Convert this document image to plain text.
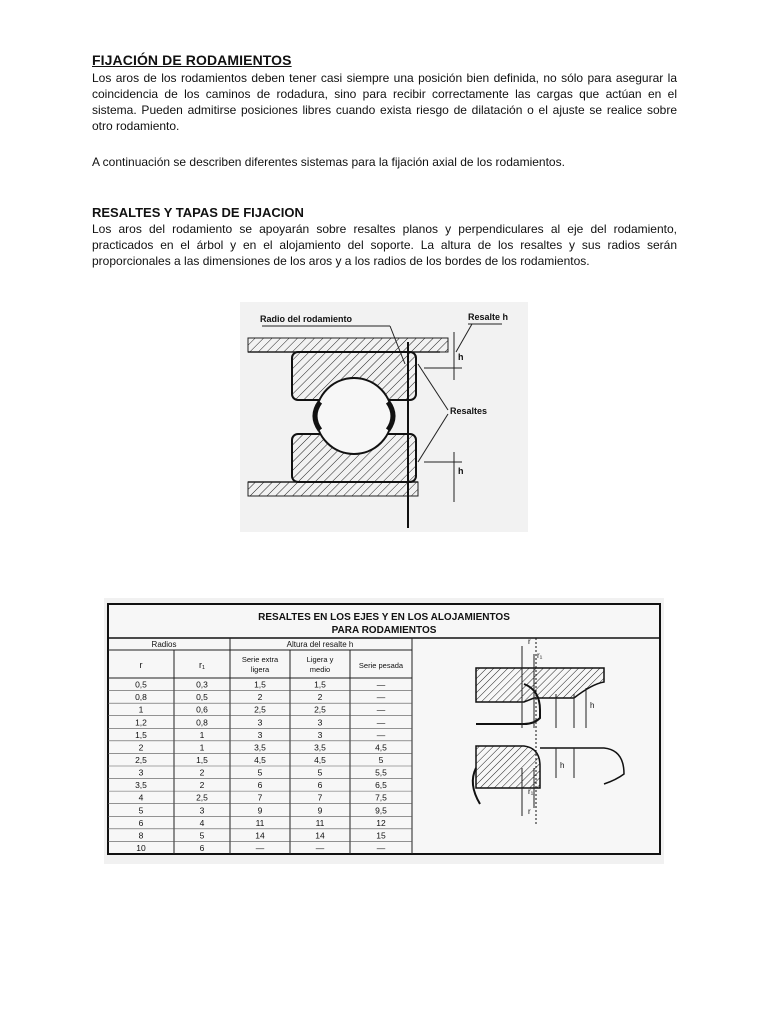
FIJACIÓN DE RODAMIENTOS
Los aros de los rodamientos deben tener casi siempre una posición bien definida, no sólo para asegurar la coincidencia de los caminos de rodadura, sino para recibir correctamente las cargas que actúan en el sistema. Pueden admitirse posiciones libres cuando exista riesgo de dilatación o el ajuste se realice sobre otro rodamiento.
A continuación se describen diferentes sistemas para la fijación axial de los rodamientos.
RESALTES Y TAPAS DE FIJACION
Los aros del rodamiento se apoyarán sobre resaltes planos y perpendiculares al eje del rodamiento, practicados en el árbol y en el alojamiento del soporte. La altura de los resaltes y sus radios serán proporcionales a las dimensiones de los aros y a los radios de los bordes de los rodamientos.
Radio del rodamiento	Resalte h
h
h
Resaltes
RESALTES EN LOS EJES Y EN LOS ALOJAMIENTOS
PARA RODAMIENTOS
Radios	Altura del resalte h
r	r₁
Serie extra
ligera
Ligera y
medio	Serie pesada
0,5	0,3	1,5	1,5	—
0,8	0,5	2	2	—
1	0,6	2,5	2,5	—
1,2	0,8	3	3	—
1,5	1	3	3	—
2	1	3,5	3,5	4,5
2,5	1,5	4,5	4,5	5
3	2	5	5	5,5
3,5	2	6	6	6,5
4	2,5	7	7	7,5
5	3	9	9	9,5
6	4	11	11	12
8	5	14	14	15
10	6	—	—	—
r
r₁
h
r₁
r
h
